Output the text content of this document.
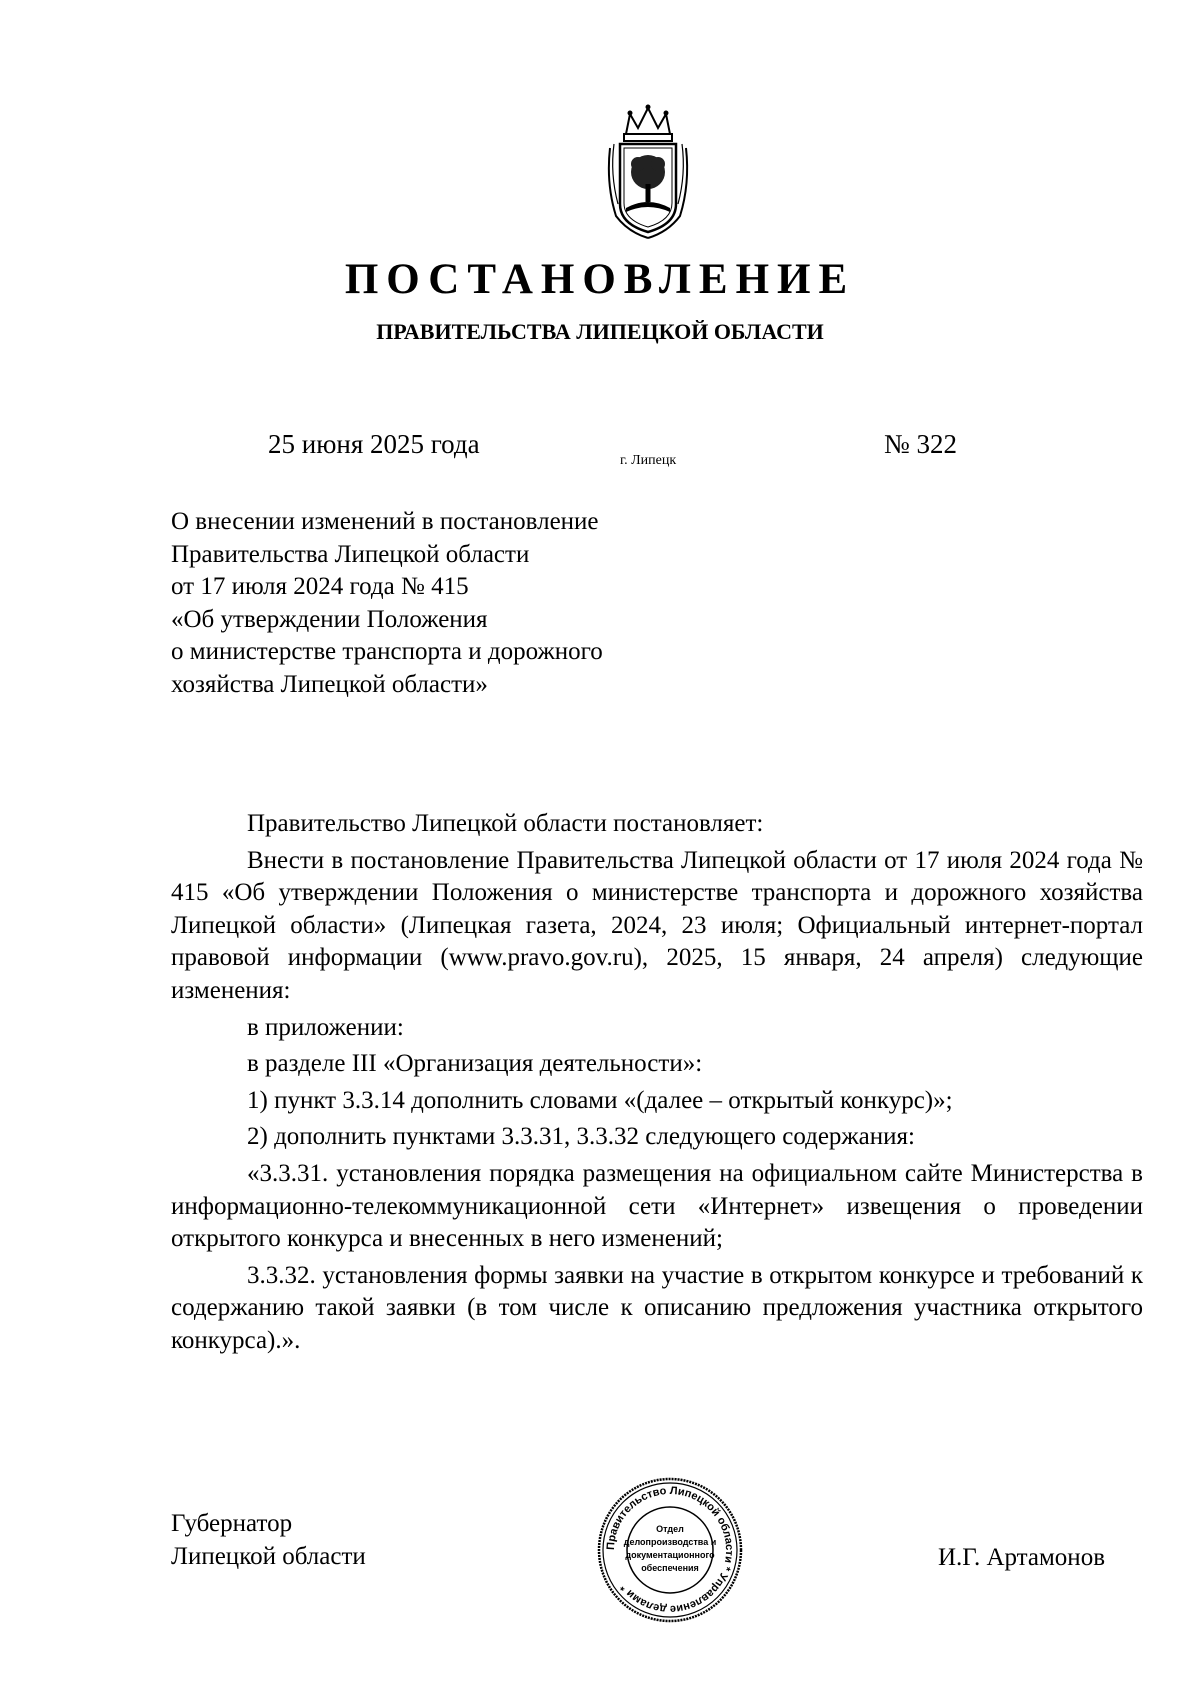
ПОСТАНОВЛЕНИЕ
ПРАВИТЕЛЬСТВА ЛИПЕЦКОЙ ОБЛАСТИ
25 июня 2025 года
г. Липецк
№ 322
О внесении изменений в постановление
Правительства Липецкой области
от 17 июля 2024 года № 415
«Об утверждении Положения
о министерстве транспорта и дорожного
хозяйства Липецкой области»

Правительство Липецкой области постановляет:

Внести в постановление Правительства Липецкой области от 17 июля 2024 года № 415 «Об утверждении Положения о министерстве транспорта и дорожного хозяйства Липецкой области» (Липецкая газета, 2024, 23 июля; Официальный интернет-портал правовой информации (www.pravo.gov.ru), 2025, 15 января, 24 апреля) следующие изменения:

в приложении:

в разделе III «Организация деятельности»:

1) пункт 3.3.14 дополнить словами «(далее – открытый конкурс)»;

2) дополнить пунктами 3.3.31, 3.3.32 следующего содержания:

«3.3.31. установления порядка размещения на официальном сайте Министерства в информационно-телекоммуникационной сети «Интернет» извещения о проведении открытого конкурса и внесенных в него изменений;

3.3.32. установления формы заявки на участие в открытом конкурсе и требований к содержанию такой заявки (в том числе к описанию предложения участника открытого конкурса).».

Губернатор
Липецкой области	Правительство Липецкой области * Управление делами *
Отдел
делопроизводства и
документационного
обеспечения	И.Г. Артамонов
